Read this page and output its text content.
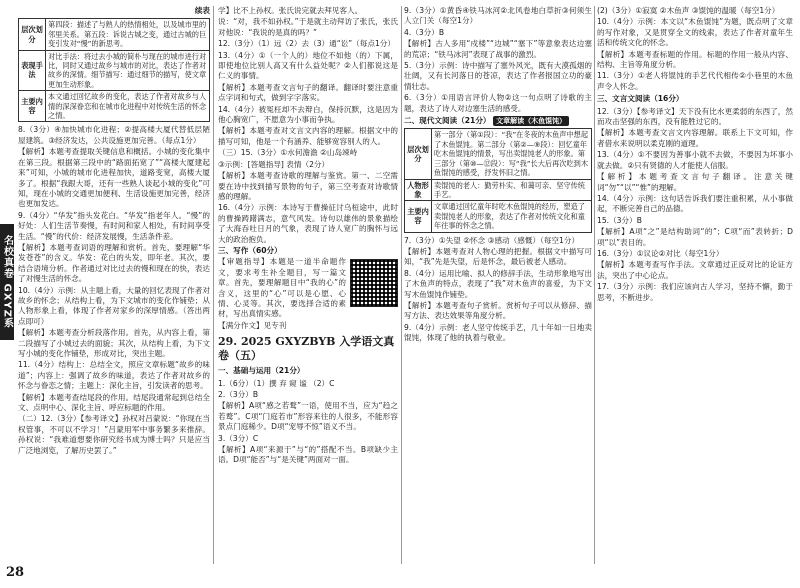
名校真卷 GXYZ系
28
续表
层次划分	第四段：描述了与熟人的热情相处，以及城市里的邻里关系。第五段：诉说古城之变，通过古城的巨变引发对“慢”的新思考。
表现手法	对比手法：将过去小城的简朴与现在的城市进行对比，同时又通过故乡与城市的对比，表达了作者对故乡的深情。细节描写：通过细节的描写，使文章更加生动形象。
主要内容	本文通过回忆故乡的变化，表达了作者对故乡与人情的深深眷恋和在城市化进程中对传统生活的怀念之情。

8.（3分）④加快城市化进程；②提高楼大厦代替低层陋屋建筑。③经济发达，公共设施更加完善。（每点1分）

【解析】本题考查提取关键信息和概括。小城的变化集中在第三段。根据第三段中的“路面拓宽了”“高楼大厦建起来”可知，小城的城市化进程加快，道路变宽，高楼大厦多了。根据“我跟大哥，还有一些熟人谈起小城的变化”可知，现在小城的交通更加便利、生活设施更加完善，经济也更加发达。

9.（4分）“华发”指头发花白。“华发”指老年人。“慢”的好处：人们生活节奏慢，有时间和家人相处，有时间享受生活。“慢”的代价：经济发展慢，生活条件差。

【解析】本题考查词语的理解和赏析。首先，要理解“华发苍苍”的含义。华发：花白的头发，即年老。其次，要结合语境分析。作者通过对比过去的慢和现在的快，表达了对慢生活的怀念。

10.（4分）示例：从主题上看，大量的回忆表现了作者对故乡的怀念；从结构上看，为下文城市的变化作铺垫；从人物形象上看，体现了作者对家乡的深厚情感。（答出两点即可）

【解析】本题考查分析段落作用。首先，从内容上看，第二段描写了小城过去的面貌；其次，从结构上看，为下文写小城的变化作铺垫，形成对比，突出主题。

11.（4分）结构上：总结全文，照应文章标题“故乡的味道”；内容上：强调了故乡的味道，表达了作者对故乡的怀念与眷恋之情；主题上：深化主旨，引发读者的思考。

【解析】本题考查结尾段的作用。结尾段通常起到总结全文、点明中心、深化主旨、呼应标题的作用。

（二）12.（3分）【参考译文】孙权对吕蒙说：“你现在当权管事，不可以不学习！”吕蒙用军中事务繁多来推辞。孙权说：“我难道想要你研究经书成为博士吗？只是应当广泛地浏览，了解历史罢了。”

学】比不上孙权。张氏说完就去拜见客人。

说：“对，我不如孙权。”于是就主动拜访了张氏，张氏对他说：“我说的是真的吗？”

12.（3分）（1）远（2）去（3）通“讼”（每点1分）

13.（4分）①（一个人的）地位不如他（的）下属，即使地位比别人高又有什么益处呢？②人们都说这是仁义的事情。

【解析】本题考查文言句子的翻译。翻译时要注意重点字词和句式，做到字字落实。

14.（4分）被冤枉却不去辩白，保持沉默，这是因为他心胸宽广，不愿意为小事而争执。

【解析】本题考查对文言文内容的理解。根据文中的描写可知，他是一个有涵养、能够宽容别人的人。

（三）15.（3分）①水何澹澹 ②山岛竦峙

③示例：[答题指导] 表情（2分）

【解析】本题考查诗歌的理解与鉴赏。第一、二空需要在诗中找到描写景物的句子，第三空考查对诗歌情感的理解。

16.（4分）示例：本诗写于曹操征讨乌桓途中，此时的曹操踌躇满志，意气风发。诗句以雄伟的景象描绘了大海吞吐日月的气象，表现了诗人宽广的胸怀与远大的政治抱负。

三、写作（60分）

【审题指导】本题是一道半命题作文，要求考生补全题目，写一篇文章。首先，要理解题目中“我的心”的含义，这里的“心”可以是心愿、心情、心灵等。其次，要选择合适的素材，写出真情实感。

【满分作文】见专刊

29. 2025 GXYZBYB 入学语文真卷（五）

一、基础与运用（21分）

1.（6分）（1）撰 弃 窥 谧 （2）C

2.（3分）B

【解析】A项“感之若鹜”一语，使用不当，应为“趋之若鹜”。C项“门庭若市”形容来往的人很多，不能形容景点门庭稀少。D项“宠辱不惊”语义不当。

3.（3分）C

【解析】A项“来源于”与“的”搭配不当。B项缺少主语。D项“能否”与“是关键”两面对一面。

9.（3分）①黄昏④铁马冰河②北风卷地白草折③何须生人立门关（每空1分）

4.（3分）B

【解析】古人多用“戍楼”“边城”“塞下”等意象表达边塞的荒凉；“铁马冰河”表现了战事的激烈。

5.（3分）示例：诗中描写了塞外风光，既有大漠孤烟的壮阔，又有长河落日的苍凉，表达了作者报国立功的豪情壮志。

6.（3分）①用语言评价人物②这一句点明了诗歌的主题，表达了诗人对边塞生活的感受。

二、现代文阅读（21分） 文章解读（木鱼馄饨）

层次划分	第一部分（第①段）：“我”在冬夜的木鱼声中想起了木鱼馄饨。第二部分（第②—⑨段）：回忆童年吃木鱼馄饨的情景，写出卖馄饨老人的形象。第三部分（第⑩—⑫段）：写“我”长大后再次吃到木鱼馄饨的感受，抒发怀旧之情。
人物形象	卖馄饨的老人：勤劳朴实、和蔼可亲、坚守传统手艺。
主要内容	文章通过回忆童年时吃木鱼馄饨的经历，塑造了卖馄饨老人的形象，表达了作者对传统文化和童年往事的怀念之情。

7.（3分）①失望 ②怀念 ③感动（感慨）（每空1分）

【解析】本题考查对人物心理的把握。根据文中描写可知，“我”先是失望，后是怀念，最后被老人感动。

8.（4分）运用比喻、拟人的修辞手法，生动形象地写出了木鱼声的特点，表现了“我”对木鱼声的喜爱，为下文写木鱼馄饨作铺垫。

【解析】本题考查句子赏析。赏析句子可以从修辞、描写方法、表达效果等角度分析。

9.（4分）示例：老人坚守传统手艺，几十年如一日地卖馄饨，体现了他的执着与敬业。

(2)（3分）①寂寞 ②木鱼声 ③馄饨的温暖（每空1分）

10.（4分）示例：本文以“木鱼馄饨”为题，既点明了文章的写作对象，又是贯穿全文的线索，表达了作者对童年生活和传统文化的怀念。

【解析】本题考查标题的作用。标题的作用一般从内容、结构、主旨等角度分析。

11.（3分）①老人将馄饨的手艺代代相传②小巷里的木鱼声令人怀念。

三、文言文阅读（16分）

12.（3分）【参考译文】天下没有比水更柔弱的东西了，然而攻击坚强的东西，没有能胜过它的。

【解析】本题考查文言文内容理解。联系上下文可知，作者借水来说明以柔克刚的道理。

13.（4分）①不要因为善事小就不去做，不要因为坏事小就去做。②只有贤德的人才能使人信服。

【解析】本题考查文言句子翻译。注意关键词“勿”“以”“惟”的理解。

14.（4分）示例：这句话告诉我们要注重积累，从小事做起，不断完善自己的品德。

15.（3分）B

【解析】A项“之”是结构助词“的”；C项“而”表转折；D项“以”表目的。

16.（3分）①议论②对比（每空1分）

【解析】本题考查写作手法。文章通过正反对比的论证方法，突出了中心论点。

17.（3分）示例：我们应该向古人学习，坚持不懈，勤于思考，不断进步。
